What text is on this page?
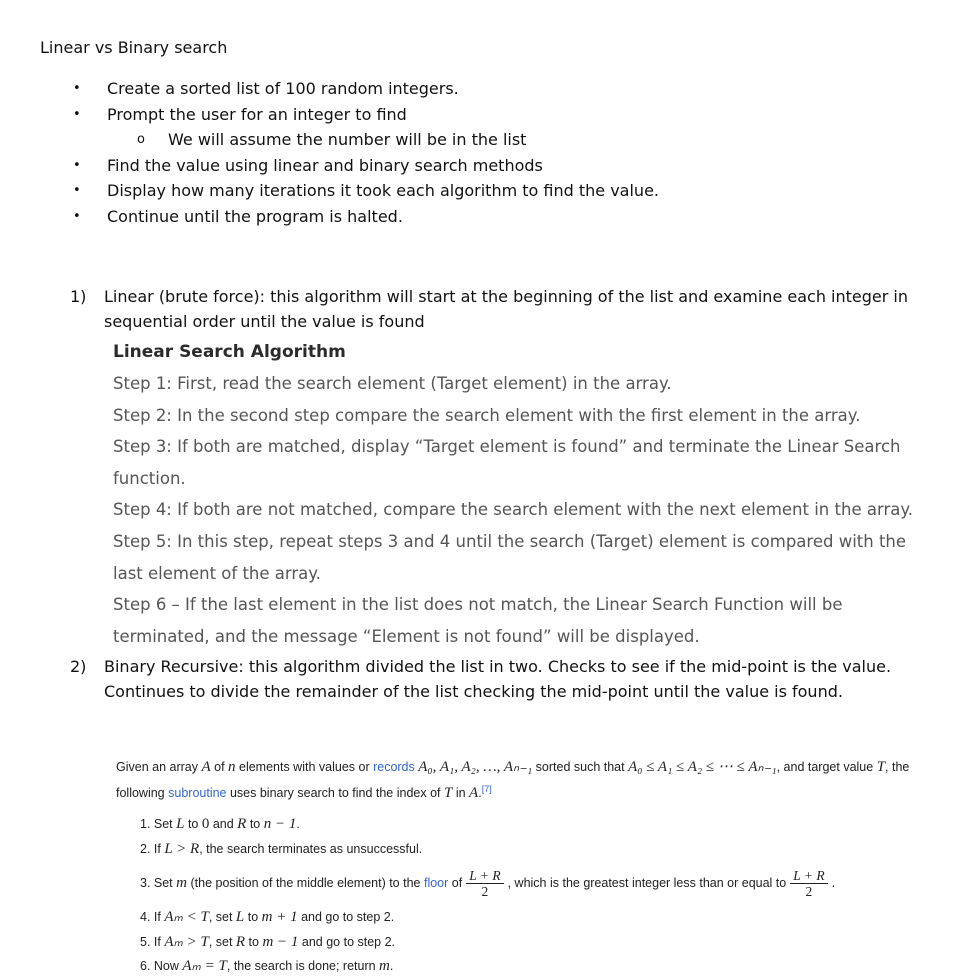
Linear vs Binary search
•	Create a sorted list of 100 random integers.
•	Prompt the user for an integer to find
o	We will assume the number will be in the list
•	Find the value using linear and binary search methods
•	Display how many iterations it took each algorithm to find the value.
•	Continue until the program is halted.
1) Linear (brute force): this algorithm will start at the beginning of the list and examine each integer in sequential order until the value is found
Linear Search Algorithm

Step 1: First, read the search element (Target element) in the array.

Step 2: In the second step compare the search element with the first element in the array.

Step 3: If both are matched, display “Target element is found” and terminate the Linear Search function.

Step 4: If both are not matched, compare the search element with the next element in the array.

Step 5: In this step, repeat steps 3 and 4 until the search (Target) element is compared with the last element of the array.

Step 6 – If the last element in the list does not match, the Linear Search Function will be terminated, and the message “Element is not found” will be displayed.

2) Binary Recursive: this algorithm divided the list in two. Checks to see if the mid-point is the value. Continues to divide the remainder of the list checking the mid-point until the value is found.

Given an array A of n elements with values or records A₀, A₁, A₂, …, Aₙ₋₁ sorted such that A₀ ≤ A₁ ≤ A₂ ≤ ⋯ ≤ Aₙ₋₁, and target value T, the following subroutine uses binary search to find the index of T in A.[7]

1. Set L to 0 and R to n − 1.
2. If L > R, the search terminates as unsuccessful.
3. Set
m
(the position of the middle element) to the
floor
of $\frac{L + R}{2}$ , which is the greatest integer less than or equal to $\frac{L + R}{2}$ .
4. If Aₘ < T, set L to m + 1 and go to step 2.
5. If Aₘ > T, set R to m − 1 and go to step 2.
6. Now Aₘ = T, the search is done; return m.
